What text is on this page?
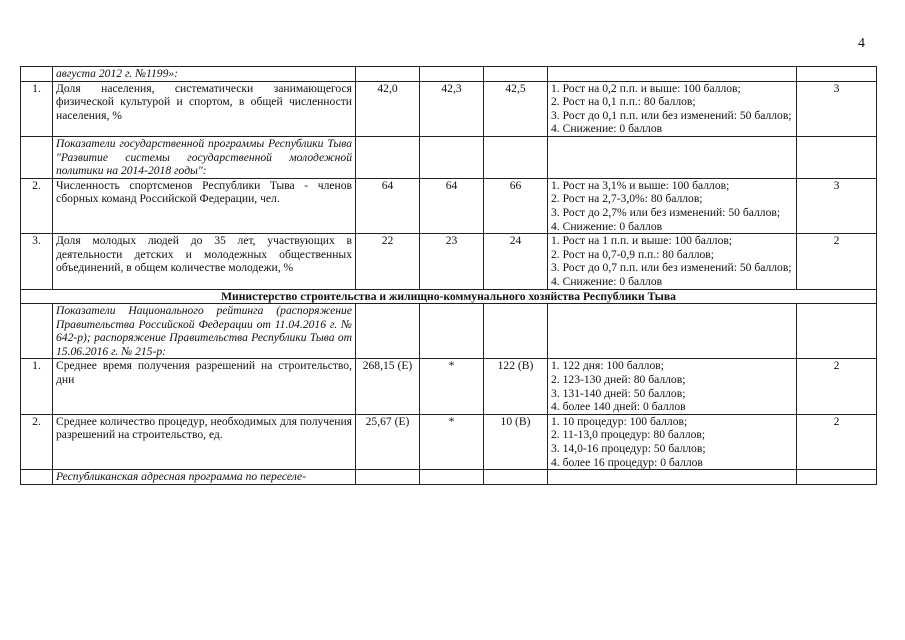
4
	августа 2012 г. №1199»:					
1.	Доля населения, систематически занимающегося физической культурой и спортом, в общей численности населения, %	42,0	42,3	42,5	1. Рост на 0,2 п.п. и выше: 100 баллов;
2. Рост на 0,1 п.п.: 80 баллов;
3. Рост до 0,1 п.п. или без изменений: 50 баллов;
4. Снижение: 0 баллов	3
	Показатели государственной программы Республики Тыва "Развитие системы государственной молодежной политики на 2014-2018 годы":					
2.	Численность спортсменов Республики Тыва - членов сборных команд Российской Федерации, чел.	64	64	66	1. Рост на 3,1% и выше: 100 баллов;
2. Рост на 2,7-3,0%: 80 баллов;
3. Рост до 2,7% или без изменений: 50 баллов;
4. Снижение: 0 баллов	3
3.	Доля молодых людей до 35 лет, участвующих в деятельности детских и молодежных общественных объединений, в общем количестве молодежи, %	22	23	24	1. Рост на 1 п.п. и выше: 100 баллов;
2. Рост на 0,7-0,9 п.п.: 80 баллов;
3. Рост до 0,7 п.п. или без изменений: 50 баллов;
4. Снижение: 0 баллов	2
Министерство строительства и жилищно-коммунального хозяйства Республики Тыва						
	Показатели Национального рейтинга (распоряжение Правительства Российской Федерации от 11.04.2016 г. № 642-р); распоряжение Правительства Республики Тыва от 15.06.2016 г. № 215-р:					
1.	Среднее время получения разрешений на строительство, дни	268,15 (Е)	*	122 (В)	1. 122 дня: 100 баллов;
2. 123-130 дней: 80 баллов;
3. 131-140 дней: 50 баллов;
4. более 140 дней: 0 баллов	2
2.	Среднее количество процедур, необходимых для получения разрешений на строительство, ед.	25,67 (Е)	*	10 (В)	1. 10 процедур: 100 баллов;
2. 11-13,0 процедур: 80 баллов;
3. 14,0-16 процедур: 50 баллов;
4. более 16 процедур: 0 баллов	2
	Республиканская адресная программа по переселе-					
